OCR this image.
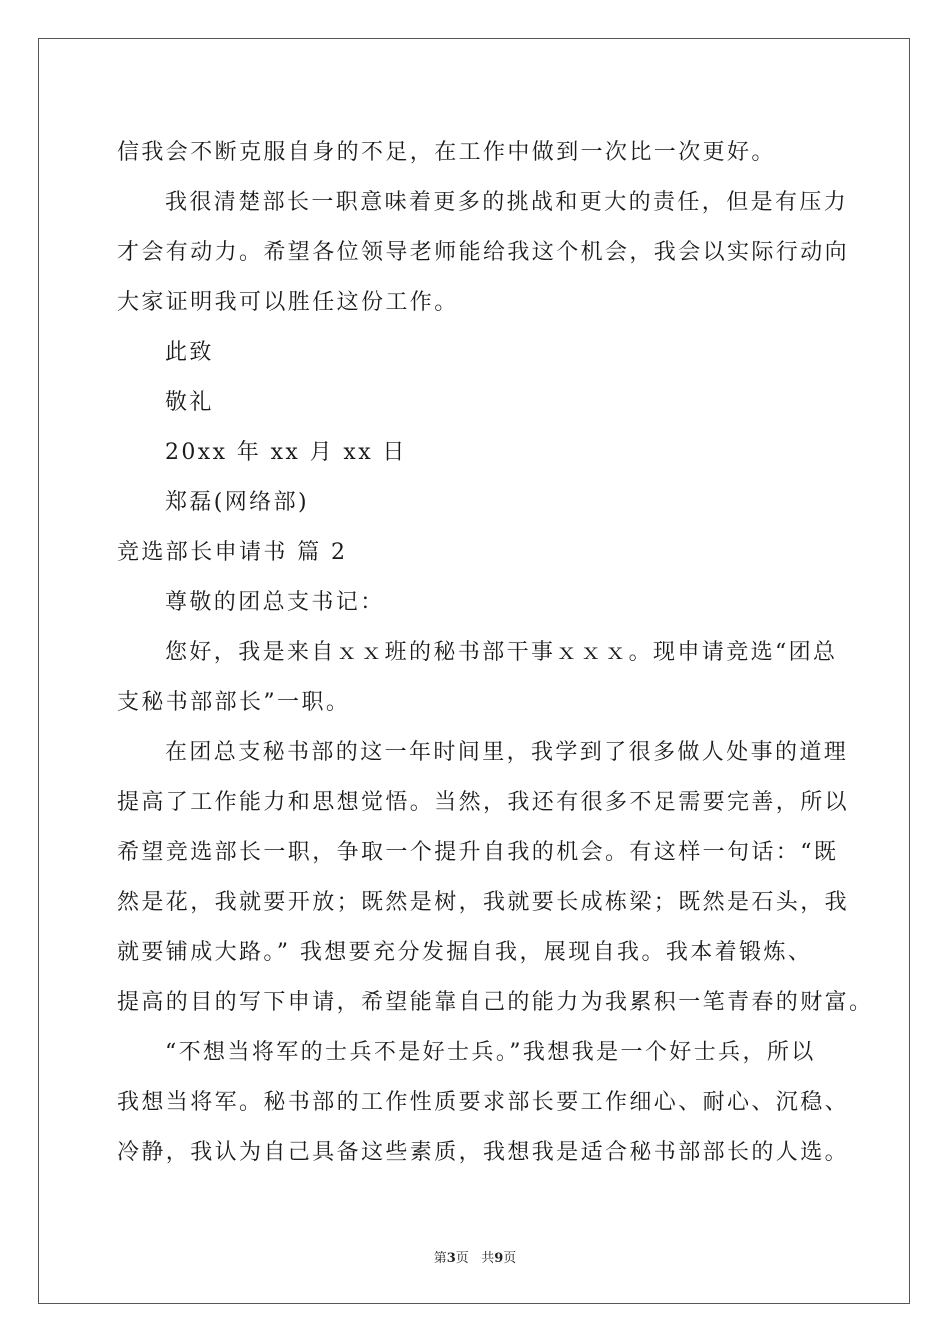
信我会不断克服自身的不足，在工作中做到一次比一次更好。
我很清楚部长一职意味着更多的挑战和更大的责任，但是有压力
才会有动力。希望各位领导老师能给我这个机会，我会以实际行动向
大家证明我可以胜任这份工作。
此致
敬礼
20xx 年 xx 月 xx 日
郑磊(网络部)
竞选部长申请书 篇 2
尊敬的团总支书记：
您好，我是来自ｘｘ班的秘书部干事ｘｘｘ。现申请竞选“团总
支秘书部部长”一职。
在团总支秘书部的这一年时间里，我学到了很多做人处事的道理
提高了工作能力和思想觉悟。当然，我还有很多不足需要完善，所以
希望竞选部长一职，争取一个提升自我的机会。有这样一句话：“既
然是花，我就要开放；既然是树，我就要长成栋梁；既然是石头，我
就要铺成大路。” 我想要充分发掘自我，展现自我。我本着锻炼、
提高的目的写下申请，希望能靠自己的能力为我累积一笔青春的财富。
“不想当将军的士兵不是好士兵。”我想我是一个好士兵，所以
我想当将军。秘书部的工作性质要求部长要工作细心、耐心、沉稳、
冷静，我认为自己具备这些素质，我想我是适合秘书部部长的人选。
第3页 共9页
